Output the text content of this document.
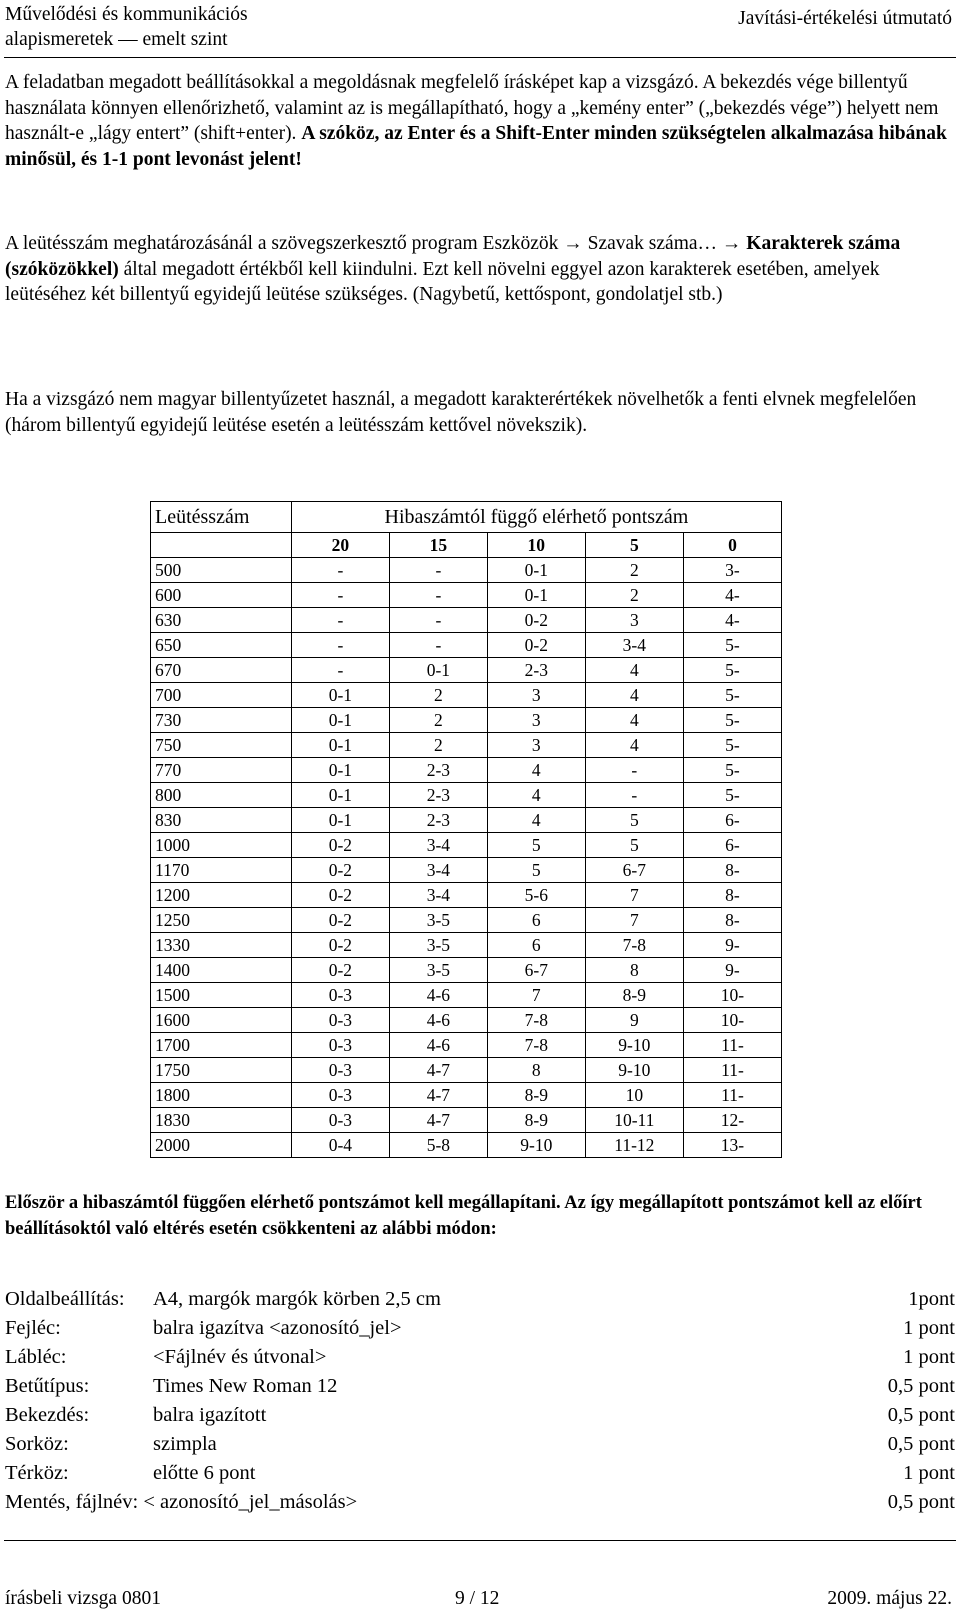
Művelődési és kommunikációs
alapismeretek — emelt szint
Javítási-értékelési útmutató
A feladatban megadott beállításokkal a megoldásnak megfelelő írásképet kap a vizsgázó. A bekezdés vége billentyű használata könnyen ellenőrizhető, valamint az is megállapítható, hogy a „kemény enter” („bekezdés vége”) helyett nem használt-e „lágy entert” (shift+enter). A szóköz, az Enter és a Shift-Enter minden szükségtelen alkalmazása hibának minősül, és 1-1 pont levonást jelent!
A leütésszám meghatározásánál a szövegszerkesztő program Eszközök → Szavak száma… → Karakterek száma (szóközökkel) által megadott értékből kell kiindulni. Ezt kell növelni eggyel azon karakterek esetében, amelyek leütéséhez két billentyű egyidejű leütése szükséges. (Nagybetű, kettőspont, gondolatjel stb.)
Ha a vizsgázó nem magyar billentyűzetet használ, a megadott karakterértékek növelhetők a fenti elvnek megfelelően (három billentyű egyidejű leütése esetén a leütésszám kettővel növekszik).
Leütésszám	Hibaszámtól függő elérhető pontszám				
	20	15	10	5	0
500	-	-	0-1	2	3-
600	-	-	0-1	2	4-
630	-	-	0-2	3	4-
650	-	-	0-2	3-4	5-
670	-	0-1	2-3	4	5-
700	0-1	2	3	4	5-
730	0-1	2	3	4	5-
750	0-1	2	3	4	5-
770	0-1	2-3	4	-	5-
800	0-1	2-3	4	-	5-
830	0-1	2-3	4	5	6-
1000	0-2	3-4	5	5	6-
1170	0-2	3-4	5	6-7	8-
1200	0-2	3-4	5-6	7	8-
1250	0-2	3-5	6	7	8-
1330	0-2	3-5	6	7-8	9-
1400	0-2	3-5	6-7	8	9-
1500	0-3	4-6	7	8-9	10-
1600	0-3	4-6	7-8	9	10-
1700	0-3	4-6	7-8	9-10	11-
1750	0-3	4-7	8	9-10	11-
1800	0-3	4-7	8-9	10	11-
1830	0-3	4-7	8-9	10-11	12-
2000	0-4	5-8	9-10	11-12	13-
Először a hibaszámtól függően elérhető pontszámot kell megállapítani. Az így megállapított pontszámot kell az előírt beállításoktól való eltérés esetén csökkenteni az alábbi módon:
Oldalbeállítás: A4, margók margók körben 2,5 cm	1pont
Fejléc:	balra igazítva <azonosító_jel>	1 pont
Lábléc:	<Fájlnév és útvonal>	1 pont
Betűtípus:	Times New Roman 12	0,5 pont
Bekezdés:	balra igazított	0,5 pont
Sorköz:	szimpla	0,5 pont
Térköz:	előtte 6 pont	1 pont
Mentés, fájlnév: < azonosító_jel_másolás>	0,5 pont
írásbeli vizsga 0801	9 / 12	2009. május 22.
